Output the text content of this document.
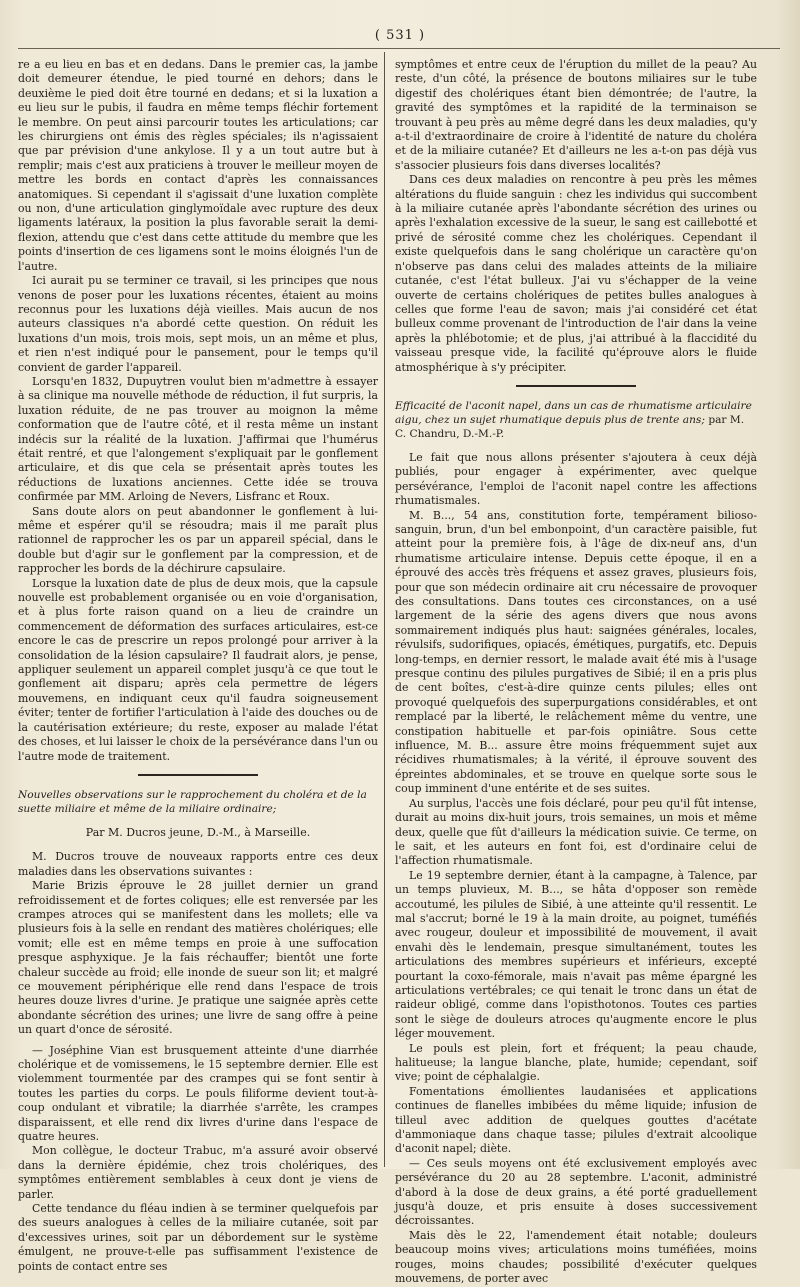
( 531 )

re a eu lieu en bas et en dedans. Dans le premier cas, la jambe doit demeurer étendue, le pied tourné en dehors; dans le deuxième le pied doit être tourné en dedans; et si la luxation a eu lieu sur le pubis, il faudra en même temps fléchir fortement le membre. On peut ainsi parcourir toutes les articulations; car les chirurgiens ont émis des règles spéciales; ils n'agissaient que par prévision d'une ankylose. Il y a un tout autre but à remplir; mais c'est aux praticiens à trouver le meilleur moyen de mettre les bords en contact d'après les connaissances anatomiques. Si cependant il s'agissait d'une luxation complète ou non, d'une articulation ginglymoïdale avec rupture des deux ligaments latéraux, la position la plus favorable serait la demi-flexion, attendu que c'est dans cette attitude du membre que les points d'insertion de ces ligamens sont le moins éloignés l'un de l'autre.

Ici aurait pu se terminer ce travail, si les principes que nous venons de poser pour les luxations récentes, étaient au moins reconnus pour les luxations déjà vieilles. Mais aucun de nos auteurs classiques n'a abordé cette question. On réduit les luxations d'un mois, trois mois, sept mois, un an même et plus, et rien n'est indiqué pour le pansement, pour le temps qu'il convient de garder l'appareil.

Lorsqu'en 1832, Dupuytren voulut bien m'admettre à essayer à sa clinique ma nouvelle méthode de réduction, il fut surpris, la luxation réduite, de ne pas trouver au moignon la même conformation que de l'autre côté, et il resta même un instant indécis sur la réalité de la luxation. J'affirmai que l'humérus était rentré, et que l'alongement s'expliquait par le gonflement articulaire, et dis que cela se présentait après toutes les réductions de luxations anciennes. Cette idée se trouva confirmée par MM. Arloing de Nevers, Lisfranc et Roux.

Sans doute alors on peut abandonner le gonflement à lui-même et espérer qu'il se résoudra; mais il me paraît plus rationnel de rapprocher les os par un appareil spécial, dans le double but d'agir sur le gonflement par la compression, et de rapprocher les bords de la déchirure capsulaire.

Lorsque la luxation date de plus de deux mois, que la capsule nouvelle est probablement organisée ou en voie d'organisation, et à plus forte raison quand on a lieu de craindre un commencement de déformation des surfaces articulaires, est-ce encore le cas de prescrire un repos prolongé pour arriver à la consolidation de la lésion capsulaire? Il faudrait alors, je pense, appliquer seulement un appareil complet jusqu'à ce que tout le gonflement ait disparu; après cela permettre de légers mouvemens, en indiquant ceux qu'il faudra soigneusement éviter; tenter de fortifier l'articulation à l'aide des douches ou de la cautérisation extérieure; du reste, exposer au malade l'état des choses, et lui laisser le choix de la persévérance dans l'un ou l'autre mode de traitement.

Nouvelles observations sur le rapprochement du choléra et de la suette miliaire et même de la miliaire ordinaire;
Par M. Ducros jeune, D.-M., à Marseille.

M. Ducros trouve de nouveaux rapports entre ces deux maladies dans les observations suivantes :

Marie Brizis éprouve le 28 juillet dernier un grand refroidissement et de fortes coliques; elle est renversée par les crampes atroces qui se manifestent dans les mollets; elle va plusieurs fois à la selle en rendant des matières cholériques; elle vomit; elle est en même temps en proie à une suffocation presque asphyxique. Je la fais réchauffer; bientôt une forte chaleur succède au froid; elle inonde de sueur son lit; et malgré ce mouvement périphérique elle rend dans l'espace de trois heures douze livres d'urine. Je pratique une saignée après cette abondante sécrétion des urines; une livre de sang offre à peine un quart d'once de sérosité.

— Joséphine Vian est brusquement atteinte d'une diarrhée cholérique et de vomissemens, le 15 septembre dernier. Elle est violemment tourmentée par des crampes qui se font sentir à toutes les parties du corps. Le pouls filiforme devient tout-à-coup ondulant et vibratile; la diarrhée s'arrête, les crampes disparaissent, et elle rend dix livres d'urine dans l'espace de quatre heures.

Mon collègue, le docteur Trabuc, m'a assuré avoir observé dans la dernière épidémie, chez trois cholériques, des symptômes entièrement semblables à ceux dont je viens de parler.

Cette tendance du fléau indien à se terminer quelquefois par des sueurs analogues à celles de la miliaire cutanée, soit par d'excessives urines, soit par un débordement sur le système émulgent, ne prouve-t-elle pas suffisamment l'existence de points de contact entre ses

symptômes et entre ceux de l'éruption du millet de la peau? Au reste, d'un côté, la présence de boutons miliaires sur le tube digestif des cholériques étant bien démontrée; de l'autre, la gravité des symptômes et la rapidité de la terminaison se trouvant à peu près au même degré dans les deux maladies, qu'y a-t-il d'extraordinaire de croire à l'identité de nature du choléra et de la miliaire cutanée? Et d'ailleurs ne les a-t-on pas déjà vus s'associer plusieurs fois dans diverses localités?

Dans ces deux maladies on rencontre à peu près les mêmes altérations du fluide sanguin : chez les individus qui succombent à la miliaire cutanée après l'abondante sécrétion des urines ou après l'exhalation excessive de la sueur, le sang est caillebotté et privé de sérosité comme chez les cholériques. Cependant il existe quelquefois dans le sang cholérique un caractère qu'on n'observe pas dans celui des malades atteints de la miliaire cutanée, c'est l'état bulleux. J'ai vu s'échapper de la veine ouverte de certains cholériques de petites bulles analogues à celles que forme l'eau de savon; mais j'ai considéré cet état bulleux comme provenant de l'introduction de l'air dans la veine après la phlébotomie; et de plus, j'ai attribué à la flaccidité du vaisseau presque vide, la facilité qu'éprouve alors le fluide atmosphérique à s'y précipiter.

Efficacité de l'aconit napel, dans un cas de rhumatisme articulaire aigu, chez un sujet rhumatique depuis plus de trente ans; par M. C. Chandru, D.-M.-P.

Le fait que nous allons présenter s'ajoutera à ceux déjà publiés, pour engager à expérimenter, avec quelque persévérance, l'emploi de l'aconit napel contre les affections rhumatismales.

M. B..., 54 ans, constitution forte, tempérament bilioso-sanguin, brun, d'un bel embonpoint, d'un caractère paisible, fut atteint pour la première fois, à l'âge de dix-neuf ans, d'un rhumatisme articulaire intense. Depuis cette époque, il en a éprouvé des accès très fréquens et assez graves, plusieurs fois, pour que son médecin ordinaire ait cru nécessaire de provoquer des consultations. Dans toutes ces circonstances, on a usé largement de la série des agens divers que nous avons sommairement indiqués plus haut: saignées générales, locales, révulsifs, sudorifiques, opiacés, émétiques, purgatifs, etc. Depuis long-temps, en dernier ressort, le malade avait été mis à l'usage presque continu des pilules purgatives de Sibié; il en a pris plus de cent boîtes, c'est-à-dire quinze cents pilules; elles ont provoqué quelquefois des superpurgations considérables, et ont remplacé par la liberté, le relâchement même du ventre, une constipation habituelle et par-fois opiniâtre. Sous cette influence, M. B... assure être moins fréquemment sujet aux récidives rhumatismales; à la vérité, il éprouve souvent des épreintes abdominales, et se trouve en quelque sorte sous le coup imminent d'une entérite et de ses suites.

Au surplus, l'accès une fois déclaré, pour peu qu'il fût intense, durait au moins dix-huit jours, trois semaines, un mois et même deux, quelle que fût d'ailleurs la médication suivie. Ce terme, on le sait, et les auteurs en font foi, est d'ordinaire celui de l'affection rhumatismale.

Le 19 septembre dernier, étant à la campagne, à Talence, par un temps pluvieux, M. B..., se hâta d'opposer son remède accoutumé, les pilules de Sibié, à une atteinte qu'il ressentit. Le mal s'accrut; borné le 19 à la main droite, au poignet, tuméfiés avec rougeur, douleur et impossibilité de mouvement, il avait envahi dès le lendemain, presque simultanément, toutes les articulations des membres supérieurs et inférieurs, excepté pourtant la coxo-fémorale, mais n'avait pas même épargné les articulations vertébrales; ce qui tenait le tronc dans un état de raideur obligé, comme dans l'opisthotonos. Toutes ces parties sont le siège de douleurs atroces qu'augmente encore le plus léger mouvement.

Le pouls est plein, fort et fréquent; la peau chaude, halitueuse; la langue blanche, plate, humide; cependant, soif vive; point de céphalalgie.

Fomentations émollientes laudanisées et applications continues de flanelles imbibées du même liquide; infusion de tilleul avec addition de quelques gouttes d'acétate d'ammoniaque dans chaque tasse; pilules d'extrait alcoolique d'aconit napel; diète.

— Ces seuls moyens ont été exclusivement employés avec persévérance du 20 au 28 septembre. L'aconit, administré d'abord à la dose de deux grains, a été porté graduellement jusqu'à douze, et pris ensuite à doses successivement décroissantes.

Mais dès le 22, l'amendement était notable; douleurs beaucoup moins vives; articulations moins tuméfiées, moins rouges, moins chaudes; possibilité d'exécuter quelques mouvemens, de porter avec
